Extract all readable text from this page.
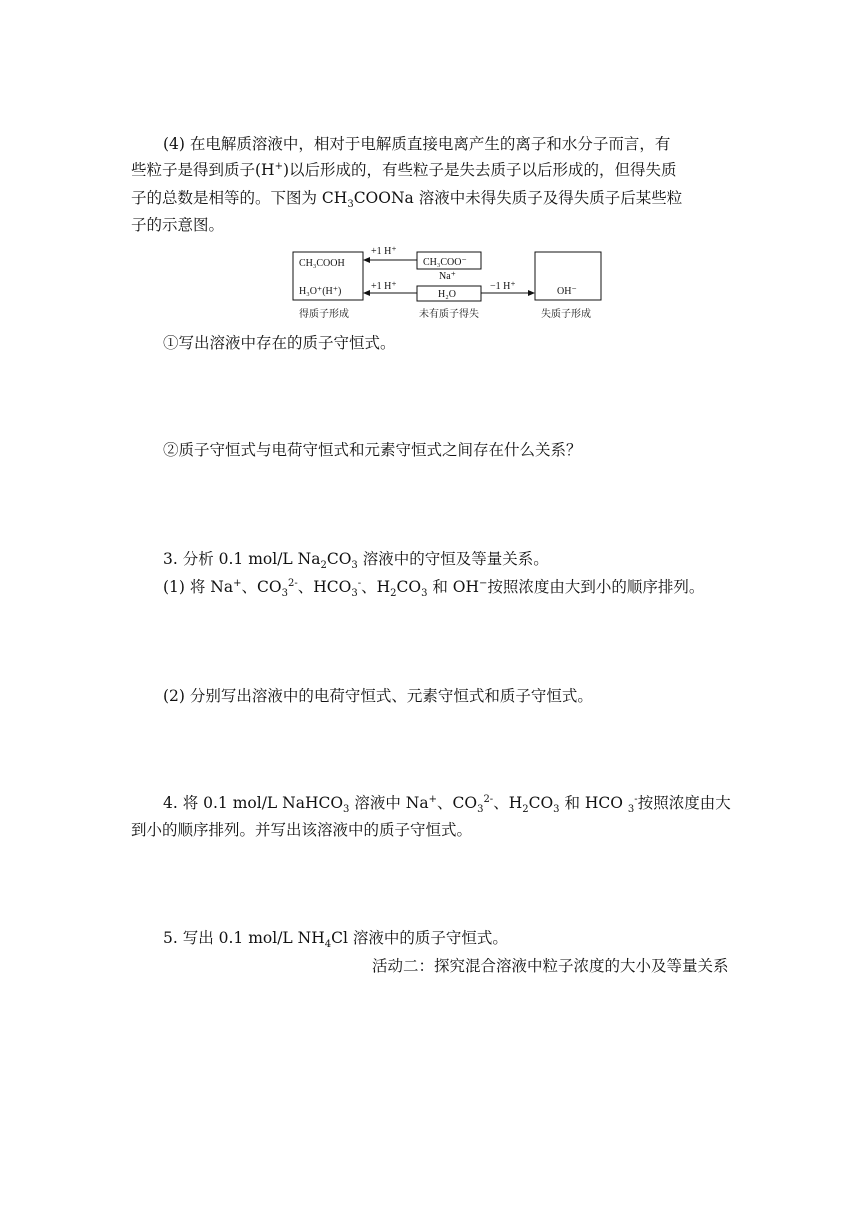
(4) 在电解质溶液中，相对于电解质直接电离产生的离子和水分子而言，有
些粒子是得到质子(H+)以后形成的，有些粒子是失去质子以后形成的，但得失质
子的总数是相等的。下图为 $CH_3COONa$ 溶液中未得失质子及得失质子后某些粒
子的示意图。
CH₃COOH
H₃O⁺(H⁺)
CH₃COO⁻
Na⁺
H₂O	OH⁻
+1 H⁺
+1 H⁺	−1 H⁺
得质子形成	未有质子得失	失质子形成
①写出溶液中存在的质子守恒式。
②质子守恒式与电荷守恒式和元素守恒式之间存在什么关系？
3. 分析 0.1 mol/L $Na_2CO_3$ 溶液中的守恒及等量关系。
(1) 将 Na+、$CO_3^{2-}$、$HCO_3^-$、$H_2CO_3$ 和 OH−按照浓度由大到小的顺序排列。
(2) 分别写出溶液中的电荷守恒式、元素守恒式和质子守恒式。
4. 将 0.1 mol/L NaHCO$_3$ 溶液中 Na+、$CO_3^{2-}$、$H_2CO_3$ 和 HCO $_3$-按照浓度由大
到小的顺序排列。并写出该溶液中的质子守恒式。
5. 写出 0.1 mol/L $NH_4Cl$ 溶液中的质子守恒式。
活动二：探究混合溶液中粒子浓度的大小及等量关系
